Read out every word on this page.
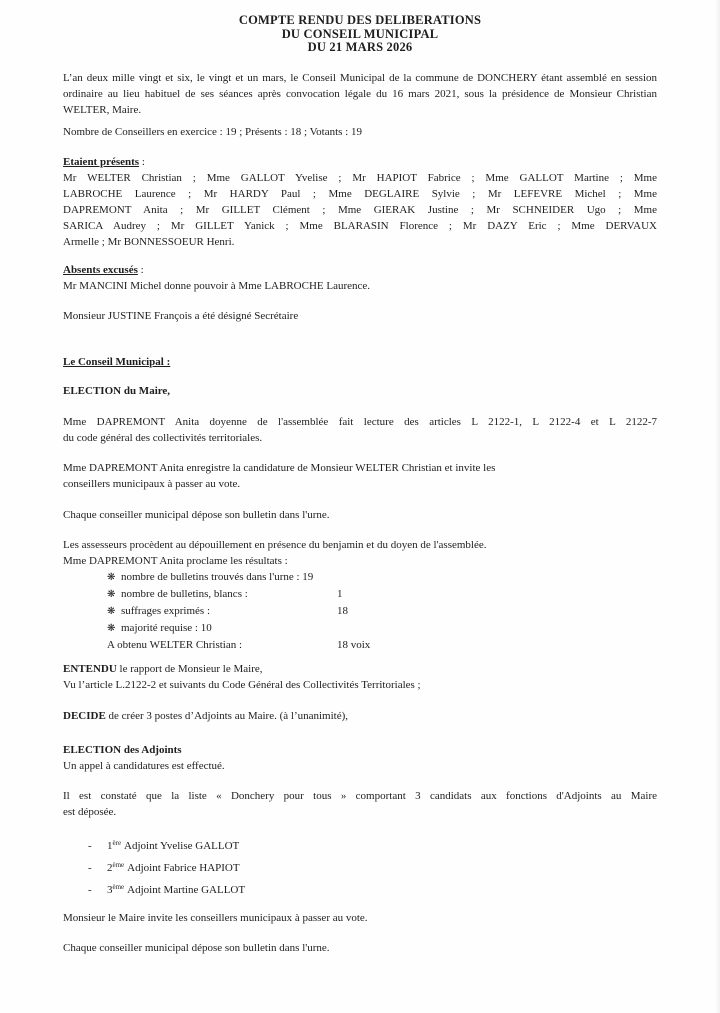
COMPTE RENDU DES DELIBERATIONS
DU CONSEIL MUNICIPAL
DU 21 MARS 2026
L’an deux mille vingt et six, le vingt et un mars, le Conseil Municipal de la commune de DONCHERY étant assemblé en session
ordinaire au lieu habituel de ses séances après convocation légale du 16 mars 2021, sous la présidence de Monsieur Christian
WELTER, Maire.
Nombre de Conseillers en exercice : 19 ; Présents : 18 ; Votants : 19
Etaient présents :
Mr WELTER Christian ; Mme GALLOT Yvelise ; Mr HAPIOT Fabrice ; Mme GALLOT Martine ; Mme
LABROCHE Laurence ; Mr HARDY Paul ; Mme DEGLAIRE Sylvie ; Mr LEFEVRE Michel ; Mme
DAPREMONT Anita ; Mr GILLET Clément ; Mme GIERAK Justine ; Mr SCHNEIDER Ugo ; Mme
SARICA Audrey ; Mr GILLET Yanick ; Mme BLARASIN Florence ; Mr DAZY Eric ; Mme DERVAUX
Armelle ; Mr BONNESSOEUR Henri.
Absents excusés :
Mr MANCINI Michel donne pouvoir à Mme LABROCHE Laurence.
Monsieur JUSTINE François a été désigné Secrétaire
Le Conseil Municipal :
ELECTION du Maire,
Mme DAPREMONT Anita doyenne de l'assemblée fait lecture des articles L 2122-1, L 2122-4 et L 2122-7
du code général des collectivités territoriales.
Mme DAPREMONT Anita enregistre la candidature de Monsieur WELTER Christian et invite les
conseillers municipaux à passer au vote.
Chaque conseiller municipal dépose son bulletin dans l'urne.
Les assesseurs procèdent au dépouillement en présence du benjamin et du doyen de l'assemblée.
Mme DAPREMONT Anita proclame les résultats :
❋ nombre de bulletins trouvés dans l'urne : 19
❋ nombre de bulletins, blancs :	1
❋ suffrages exprimés :	18
❋ majorité requise : 10
A obtenu WELTER Christian :	18 voix
ENTENDU le rapport de Monsieur le Maire,
Vu l’article L.2122-2 et suivants du Code Général des Collectivités Territoriales ;
DECIDE de créer 3 postes d’Adjoints au Maire. (à l’unanimité),
ELECTION des Adjoints
Un appel à candidatures est effectué.
Il est constaté que la liste « Donchery pour tous » comportant 3 candidats aux fonctions d'Adjoints au Maire
est déposée.
- 1ère Adjoint Yvelise GALLOT
- 2ème Adjoint Fabrice HAPIOT
- 3ème Adjoint Martine GALLOT
Monsieur le Maire invite les conseillers municipaux à passer au vote.
Chaque conseiller municipal dépose son bulletin dans l'urne.
